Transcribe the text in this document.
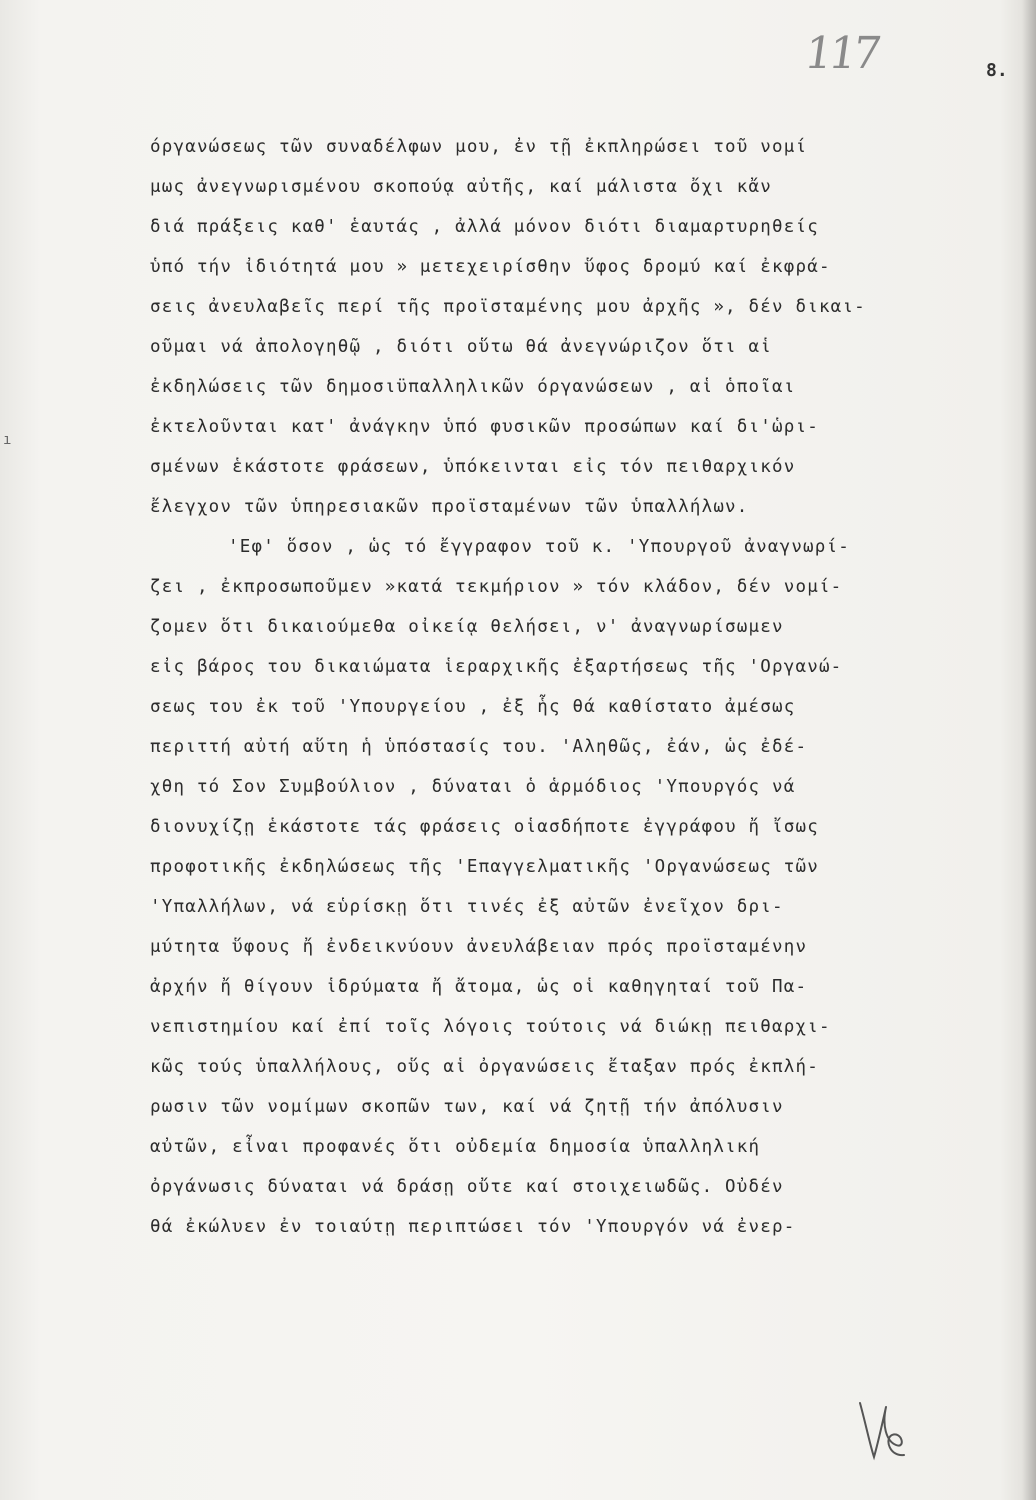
117	8.
ı
όργανώσεως τῶν συναδέλφων μου, ἐν τῇ ἐκπληρώσει τοῦ νομί
μως ἀνεγνωρισμένου σκοπούᾳ αὐτῆς, καί μάλιστα ὄχι κἄν
διά πράξεις καθ' ἑαυτάς , ἀλλά μόνον διότι διαμαρτυρηθείς
ὑπό τήν ἰδιότητά μου » μετεχειρίσθην ὕφος δρομύ καί ἐκφρά-
σεις ἀνευλαβεῖς περί τῆς προϊσταμένης μου ἀρχῆς », δέν δικαι-
οῦμαι νά ἀπολογηθῷ , διότι οὕτω θά ἀνεγνώριζον ὅτι αἱ
ἐκδηλώσεις τῶν δημοσιϋπαλληλικῶν όργανώσεων , αἱ ὁποῖαι
ἐκτελοῦνται κατ' ἀνάγκην ὑπό φυσικῶν προσώπων καί δι'ὡρι-
σμένων ἑκάστοτε φράσεων, ὑπόκεινται εἰς τόν πειθαρχικόν
ἔλεγχον τῶν ὑπηρεσιακῶν προϊσταμένων τῶν ὑπαλλήλων.
'Εφ' ὅσον , ὡς τό ἔγγραφον τοῦ κ. 'Υπουργοῦ ἀναγνωρί-
ζει , ἐκπροσωποῦμεν »κατά τεκμήριον » τόν κλάδον, δέν νομί-
ζομεν ὅτι δικαιούμεθα οἰκείᾳ θελήσει, ν' ἀναγνωρίσωμεν
εἰς βάρος του δικαιώματα ἱεραρχικῆς ἐξαρτήσεως τῆς 'Οργανώ-
σεως του ἐκ τοῦ 'Υπουργείου , ἐξ ἧς θά καθίστατο ἀμέσως
περιττή αὐτή αὕτη ἡ ὑπόστασίς του. 'Αληθῶς, ἐάν, ὡς ἐδέ-
χθη τό Σον Συμβούλιον , δύναται ὁ ἁρμόδιος 'Υπουργός νά
διονυχίζῃ ἑκάστοτε τάς φράσεις οἱασδήποτε ἐγγράφου ἤ ἴσως
προφοτικῆς ἐκδηλώσεως τῆς 'Επαγγελματικῆς 'Οργανώσεως τῶν
'Υπαλλήλων, νά εὑρίσκῃ ὅτι τινές ἐξ αὐτῶν ἐνεῖχον δρι-
μύτητα ὕφους ἤ ἐνδεικνύουν ἀνευλάβειαν πρός προϊσταμένην
ἀρχήν ἤ θίγουν ἱδρύματα ἤ ἄτομα, ὡς οἱ καθηγηταί τοῦ Πα-
νεπιστημίου καί ἐπί τοῖς λόγοις τούτοις νά διώκῃ πειθαρχι-
κῶς τούς ὑπαλλήλους, οὕς αἱ ὀργανώσεις ἔταξαν πρός ἐκπλή-
ρωσιν τῶν νομίμων σκοπῶν των, καί νά ζητῇ τήν ἀπόλυσιν
αὐτῶν, εἶναι προφανές ὅτι οὐδεμία δημοσία ὑπαλληλική
ὀργάνωσις δύναται νά δράσῃ οὔτε καί στοιχειωδῶς. Οὐδέν
θά ἐκώλυεν ἐν τοιαύτῃ περιπτώσει τόν 'Υπουργόν νά ἐνερ-
